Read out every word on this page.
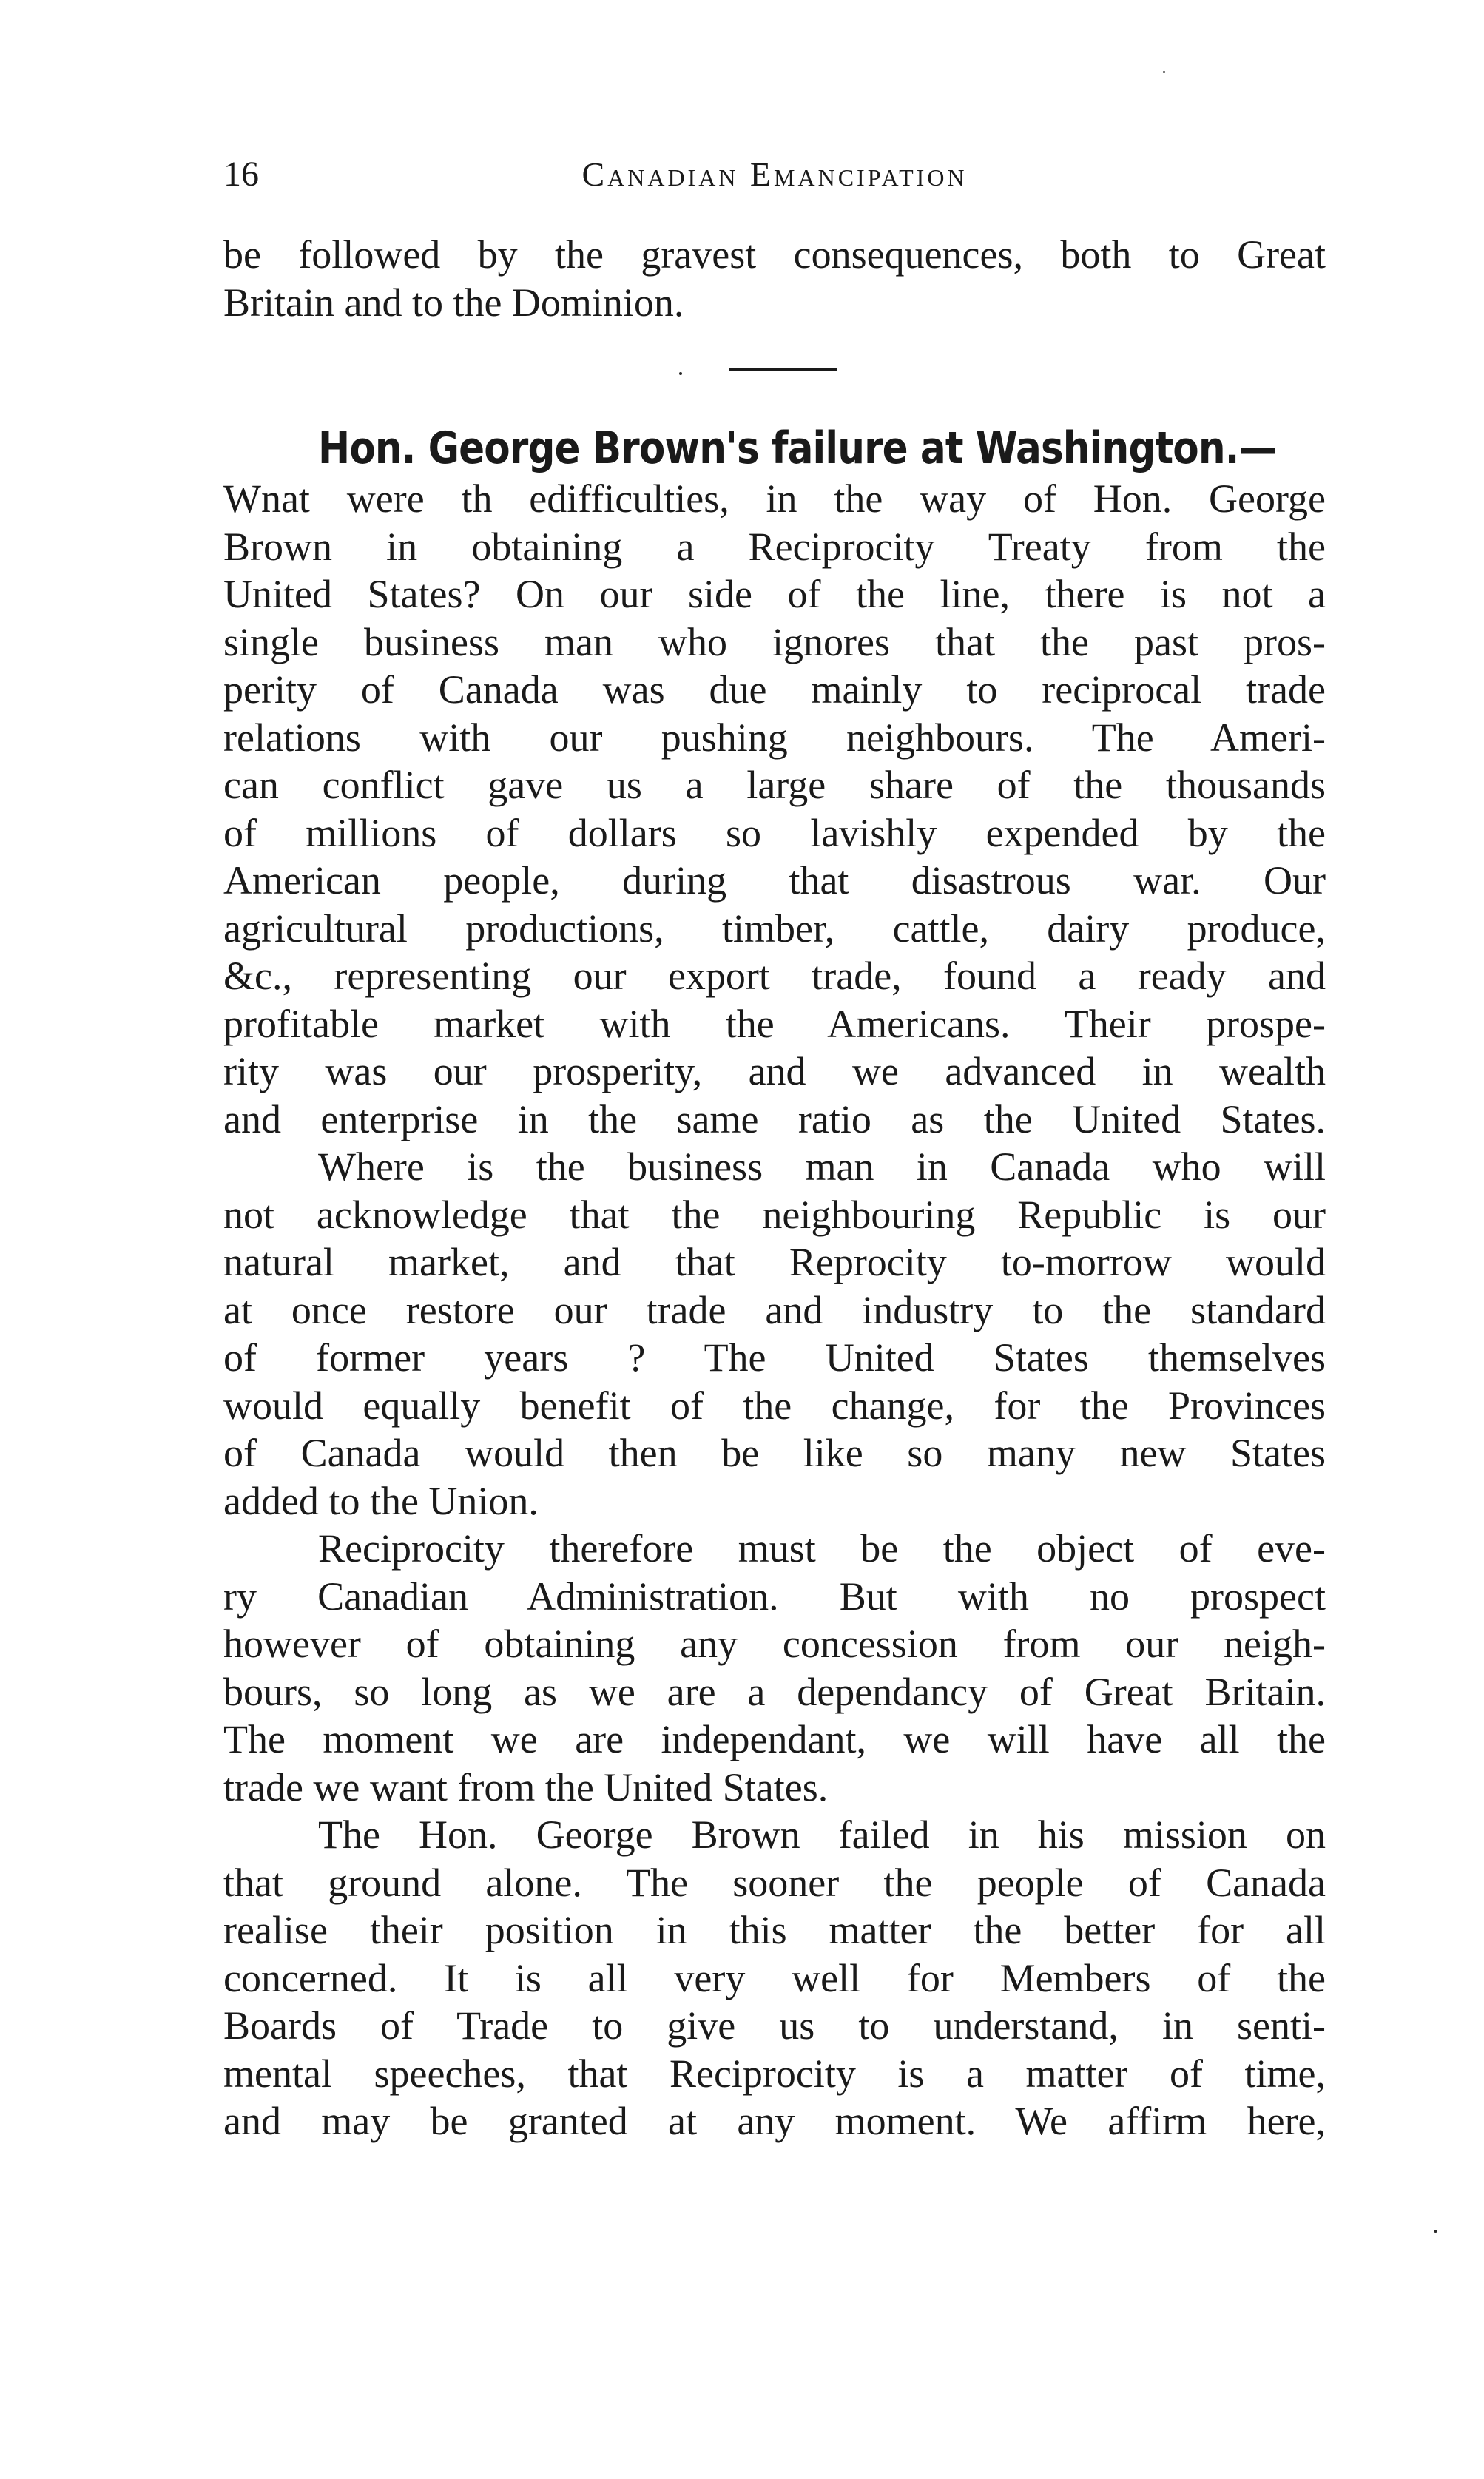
16	Canadian Emancipation
be followed by the gravest consequences, both to Great
Britain and to the Dominion.
Hon. George Brown's failure at Washington.—
Wnat were th edifficulties, in the way of Hon. George
Brown in obtaining a Reciprocity Treaty from the
United States? On our side of the line, there is not a
single business man who ignores that the past pros-
perity of Canada was due mainly to reciprocal trade
relations with our pushing neighbours. The Ameri-
can conflict gave us a large share of the thousands
of millions of dollars so lavishly expended by the
American people, during that disastrous war. Our
agricultural productions, timber, cattle, dairy produce,
&c., representing our export trade, found a ready and
profitable market with the Americans. Their prospe-
rity was our prosperity, and we advanced in wealth
and enterprise in the same ratio as the United States.
Where is the business man in Canada who will
not acknowledge that the neighbouring Republic is our
natural market, and that Reprocity to-morrow would
at once restore our trade and industry to the standard
of former years ? The United States themselves
would equally benefit of the change, for the Provinces
of Canada would then be like so many new States
added to the Union.
Reciprocity therefore must be the object of eve-
ry Canadian Administration. But with no prospect
however of obtaining any concession from our neigh-
bours, so long as we are a dependancy of Great Britain.
The moment we are independant, we will have all the
trade we want from the United States.
The Hon. George Brown failed in his mission on
that ground alone. The sooner the people of Canada
realise their position in this matter the better for all
concerned. It is all very well for Members of the
Boards of Trade to give us to understand, in senti-
mental speeches, that Reciprocity is a matter of time,
and may be granted at any moment. We affirm here,
